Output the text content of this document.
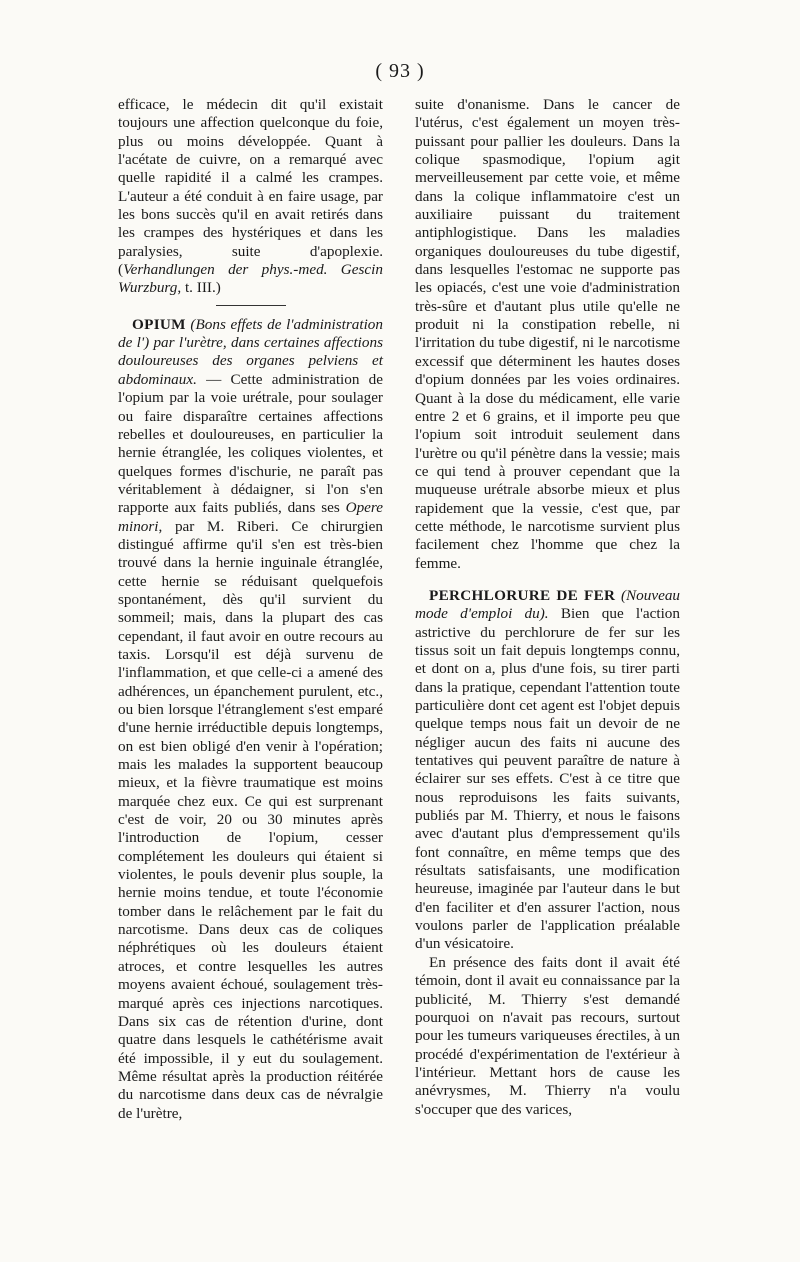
( 93 )

efficace, le médecin dit qu'il existait toujours une affection quelconque du foie, plus ou moins développée. Quant à l'acétate de cuivre, on a remarqué avec quelle rapidité il a calmé les crampes. L'auteur a été conduit à en faire usage, par les bons succès qu'il en avait retirés dans les crampes des hystériques et dans les paralysies, suite d'apoplexie. (Verhandlungen der phys.-med. Gescin Wurzburg, t. III.)

OPIUM (Bons effets de l'administration de l') par l'urètre, dans certaines affections douloureuses des organes pelviens et abdominaux. — Cette administration de l'opium par la voie urétrale, pour soulager ou faire disparaître certaines affections rebelles et douloureuses, en particulier la hernie étranglée, les coliques violentes, et quelques formes d'ischurie, ne paraît pas véritablement à dédaigner, si l'on s'en rapporte aux faits publiés, dans ses Opere minori, par M. Riberi. Ce chirurgien distingué affirme qu'il s'en est très-bien trouvé dans la hernie inguinale étranglée, cette hernie se réduisant quelquefois spontanément, dès qu'il survient du sommeil; mais, dans la plupart des cas cependant, il faut avoir en outre recours au taxis. Lorsqu'il est déjà survenu de l'inflammation, et que celle-ci a amené des adhérences, un épanchement purulent, etc., ou bien lorsque l'étranglement s'est emparé d'une hernie irréductible depuis longtemps, on est bien obligé d'en venir à l'opération; mais les malades la supportent beaucoup mieux, et la fièvre traumatique est moins marquée chez eux. Ce qui est surprenant c'est de voir, 20 ou 30 minutes après l'introduction de l'opium, cesser complétement les douleurs qui étaient si violentes, le pouls devenir plus souple, la hernie moins tendue, et toute l'économie tomber dans le relâchement par le fait du narcotisme. Dans deux cas de coliques néphrétiques où les douleurs étaient atroces, et contre lesquelles les autres moyens avaient échoué, soulagement très-marqué après ces injections narcotiques. Dans six cas de rétention d'urine, dont quatre dans lesquels le cathétérisme avait été impossible, il y eut du soulagement. Même résultat après la production réitérée du narcotisme dans deux cas de névralgie de l'urètre,

suite d'onanisme. Dans le cancer de l'utérus, c'est également un moyen très-puissant pour pallier les douleurs. Dans la colique spasmodique, l'opium agit merveilleusement par cette voie, et même dans la colique inflammatoire c'est un auxiliaire puissant du traitement antiphlogistique. Dans les maladies organiques douloureuses du tube digestif, dans lesquelles l'estomac ne supporte pas les opiacés, c'est une voie d'administration très-sûre et d'autant plus utile qu'elle ne produit ni la constipation rebelle, ni l'irritation du tube digestif, ni le narcotisme excessif que déterminent les hautes doses d'opium données par les voies ordinaires. Quant à la dose du médicament, elle varie entre 2 et 6 grains, et il importe peu que l'opium soit introduit seulement dans l'urètre ou qu'il pénètre dans la vessie; mais ce qui tend à prouver cependant que la muqueuse urétrale absorbe mieux et plus rapidement que la vessie, c'est que, par cette méthode, le narcotisme survient plus facilement chez l'homme que chez la femme.

PERCHLORURE DE FER (Nouveau mode d'emploi du). Bien que l'action astrictive du perchlorure de fer sur les tissus soit un fait depuis longtemps connu, et dont on a, plus d'une fois, su tirer parti dans la pratique, cependant l'attention toute particulière dont cet agent est l'objet depuis quelque temps nous fait un devoir de ne négliger aucun des faits ni aucune des tentatives qui peuvent paraître de nature à éclairer sur ses effets. C'est à ce titre que nous reproduisons les faits suivants, publiés par M. Thierry, et nous le faisons avec d'autant plus d'empressement qu'ils font connaître, en même temps que des résultats satisfaisants, une modification heureuse, imaginée par l'auteur dans le but d'en faciliter et d'en assurer l'action, nous voulons parler de l'application préalable d'un vésicatoire.

En présence des faits dont il avait été témoin, dont il avait eu connaissance par la publicité, M. Thierry s'est demandé pourquoi on n'avait pas recours, surtout pour les tumeurs variqueuses érectiles, à un procédé d'expérimentation de l'extérieur à l'intérieur. Mettant hors de cause les anévrysmes, M. Thierry n'a voulu s'occuper que des varices,
